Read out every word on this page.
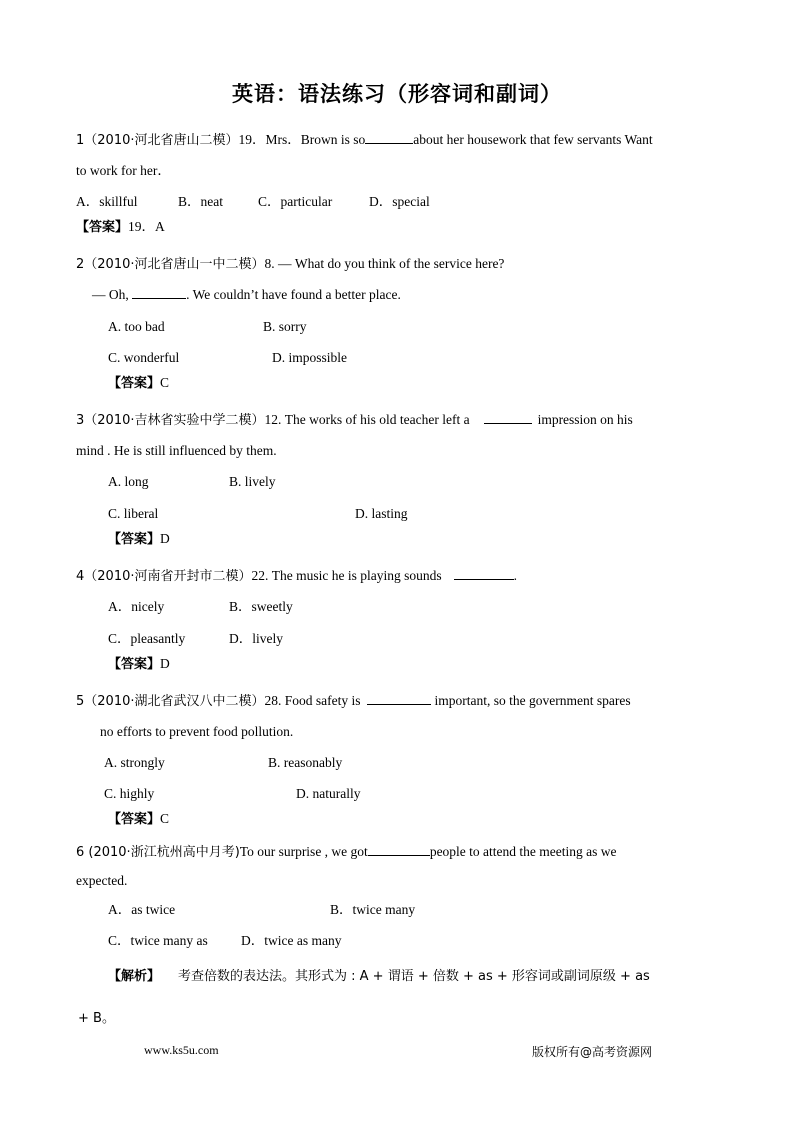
英语：语法练习（形容词和副词）
1（2010·河北省唐山二模）19．Mrs．Brown is so	about her housework that few servants Want
to work for her．
A．skillful	B．neat	C．particular	D．special
【答案】19．A
2（2010·河北省唐山一中二模）8. — What do you think of the service here?
— Oh,	. We couldn’t have found a better place.
A. too bad	B. sorry
C. wonderful	D. impossible
【答案】C
3（2010·吉林省实验中学二模）12. The works of his old teacher left a	impression on his
mind . He is still influenced by them.
A. long	B. lively
C. liberal	D. lasting
【答案】D
4（2010·河南省开封市二模）22. The music he is playing sounds	.
A．nicely	B．sweetly
C．pleasantly	D．lively
【答案】D
5（2010·湖北省武汉八中二模）28. Food safety is	important, so the government spares
no efforts to prevent food pollution.
A. strongly	B. reasonably
C. highly	D. naturally
【答案】C
6 (2010·浙江杭州高中月考)To our surprise , we got	people to attend the meeting as we
expected.
A．as twice	B．twice many
C．twice many as D．twice as many
【解析】 考查倍数的表达法。其形式为 : A + 谓语 + 倍数 + as + 形容词或副词原级 + as
+ B。
www.ks5u.com	版权所有@高考资源网
